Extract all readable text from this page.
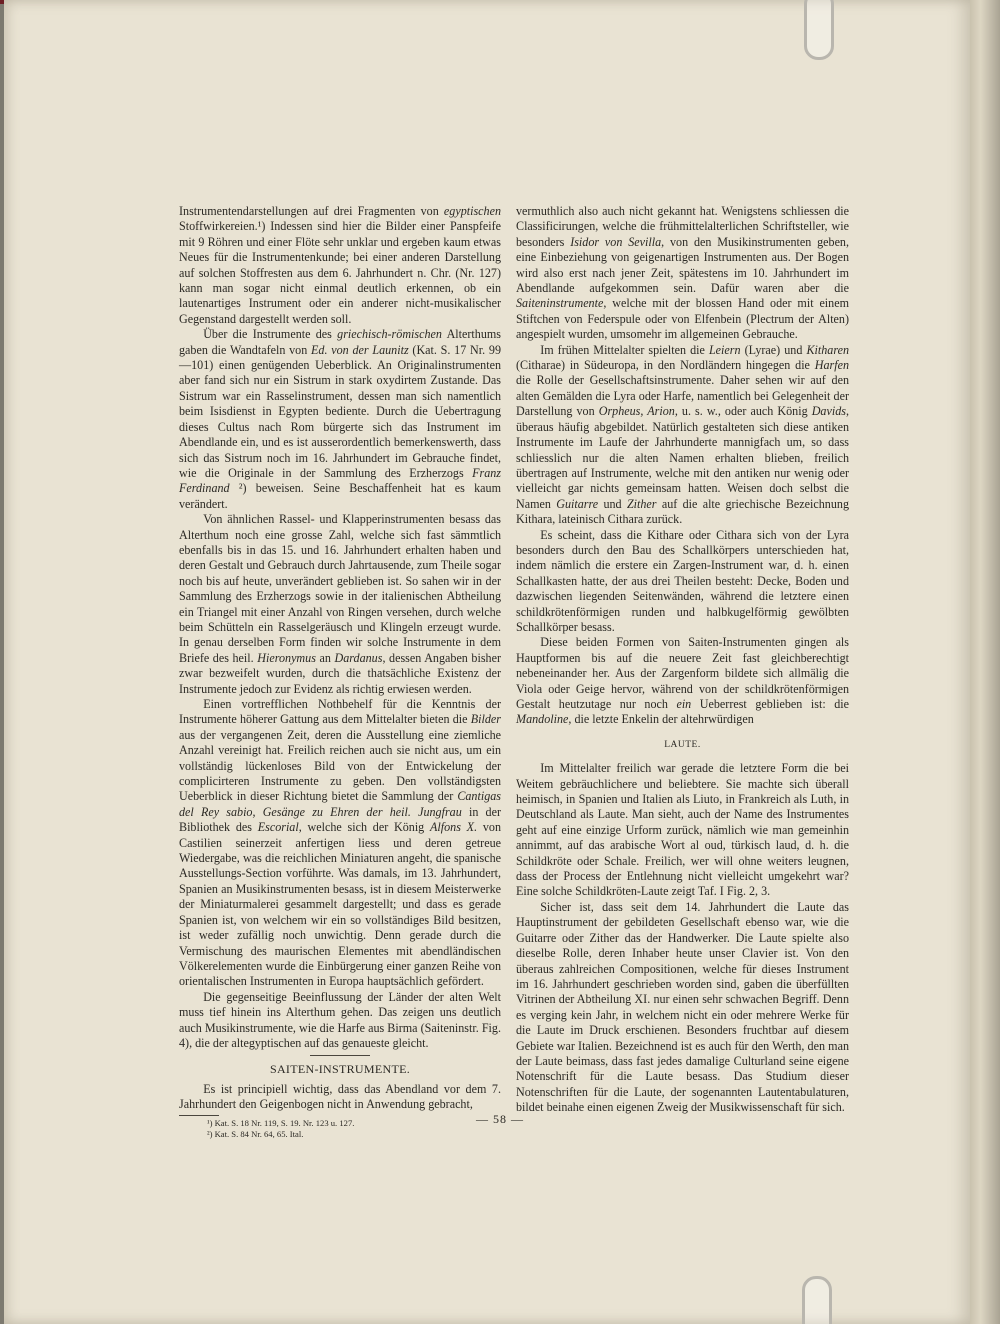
Instrumentendarstellungen auf drei Fragmenten von egyptischen Stoffwirkereien.¹) Indessen sind hier die Bilder einer Panspfeife mit 9 Röhren und einer Flöte sehr unklar und ergeben kaum etwas Neues für die Instrumentenkunde; bei einer anderen Darstellung auf solchen Stoffresten aus dem 6. Jahrhundert n. Chr. (Nr. 127) kann man sogar nicht einmal deutlich erkennen, ob ein lautenartiges Instrument oder ein anderer nicht-musikalischer Gegenstand dargestellt werden soll.

Über die Instrumente des griechisch-römischen Alterthums gaben die Wandtafeln von Ed. von der Launitz (Kat. S. 17 Nr. 99—101) einen genügenden Ueberblick. An Originalinstrumenten aber fand sich nur ein Sistrum in stark oxydirtem Zustande. Das Sistrum war ein Rasselinstrument, dessen man sich namentlich beim Isisdienst in Egypten bediente. Durch die Uebertragung dieses Cultus nach Rom bürgerte sich das Instrument im Abendlande ein, und es ist ausserordentlich bemerkenswerth, dass sich das Sistrum noch im 16. Jahrhundert im Gebrauche findet, wie die Originale in der Sammlung des Erzherzogs Franz Ferdinand ²) beweisen. Seine Beschaffenheit hat es kaum verändert.

Von ähnlichen Rassel- und Klapperinstrumenten besass das Alterthum noch eine grosse Zahl, welche sich fast sämmtlich ebenfalls bis in das 15. und 16. Jahrhundert erhalten haben und deren Gestalt und Gebrauch durch Jahrtausende, zum Theile sogar noch bis auf heute, unverändert geblieben ist. So sahen wir in der Sammlung des Erzherzogs sowie in der italienischen Abtheilung ein Triangel mit einer Anzahl von Ringen versehen, durch welche beim Schütteln ein Rasselgeräusch und Klingeln erzeugt wurde. In genau derselben Form finden wir solche Instrumente in dem Briefe des heil. Hieronymus an Dardanus, dessen Angaben bisher zwar bezweifelt wurden, durch die thatsächliche Existenz der Instrumente jedoch zur Evidenz als richtig erwiesen werden.

Einen vortrefflichen Nothbehelf für die Kenntnis der Instrumente höherer Gattung aus dem Mittelalter bieten die Bilder aus der vergangenen Zeit, deren die Ausstellung eine ziemliche Anzahl vereinigt hat. Freilich reichen auch sie nicht aus, um ein vollständig lückenloses Bild von der Entwickelung der complicirteren Instrumente zu geben. Den vollständigsten Ueberblick in dieser Richtung bietet die Sammlung der Cantigas del Rey sabio, Gesänge zu Ehren der heil. Jungfrau in der Bibliothek des Escorial, welche sich der König Alfons X. von Castilien seinerzeit anfertigen liess und deren getreue Wiedergabe, was die reichlichen Miniaturen angeht, die spanische Ausstellungs-Section vorführte. Was damals, im 13. Jahrhundert, Spanien an Musikinstrumenten besass, ist in diesem Meisterwerke der Miniaturmalerei gesammelt dargestellt; und dass es gerade Spanien ist, von welchem wir ein so vollständiges Bild besitzen, ist weder zufällig noch unwichtig. Denn gerade durch die Vermischung des maurischen Elementes mit abendländischen Völkerelementen wurde die Einbürgerung einer ganzen Reihe von orientalischen Instrumenten in Europa hauptsächlich gefördert.

Die gegenseitige Beeinflussung der Länder der alten Welt muss tief hinein ins Alterthum gehen. Das zeigen uns deutlich auch Musikinstrumente, wie die Harfe aus Birma (Saiteninstr. Fig. 4), die der altegyptischen auf das genaueste gleicht.

SAITEN-INSTRUMENTE.

Es ist principiell wichtig, dass das Abendland vor dem 7. Jahrhundert den Geigenbogen nicht in Anwendung gebracht,

¹) Kat. S. 18 Nr. 119, S. 19. Nr. 123 u. 127.
²) Kat. S. 84 Nr. 64, 65. Ital.

vermuthlich also auch nicht gekannt hat. Wenigstens schliessen die Classificirungen, welche die frühmittelalterlichen Schriftsteller, wie besonders Isidor von Sevilla, von den Musikinstrumenten geben, eine Einbeziehung von geigenartigen Instrumenten aus. Der Bogen wird also erst nach jener Zeit, spätestens im 10. Jahrhundert im Abendlande aufgekommen sein. Dafür waren aber die Saiteninstrumente, welche mit der blossen Hand oder mit einem Stiftchen von Federspule oder von Elfenbein (Plectrum der Alten) angespielt wurden, umsomehr im allgemeinen Gebrauche.

Im frühen Mittelalter spielten die Leiern (Lyrae) und Kitharen (Citharae) in Südeuropa, in den Nordländern hingegen die Harfen die Rolle der Gesellschaftsinstrumente. Daher sehen wir auf den alten Gemälden die Lyra oder Harfe, namentlich bei Gelegenheit der Darstellung von Orpheus, Arion, u. s. w., oder auch König Davids, überaus häufig abgebildet. Natürlich gestalteten sich diese antiken Instrumente im Laufe der Jahrhunderte mannigfach um, so dass schliesslich nur die alten Namen erhalten blieben, freilich übertragen auf Instrumente, welche mit den antiken nur wenig oder vielleicht gar nichts gemeinsam hatten. Weisen doch selbst die Namen Guitarre und Zither auf die alte griechische Bezeichnung Kithara, lateinisch Cithara zurück.

Es scheint, dass die Kithare oder Cithara sich von der Lyra besonders durch den Bau des Schallkörpers unterschieden hat, indem nämlich die erstere ein Zargen-Instrument war, d. h. einen Schallkasten hatte, der aus drei Theilen besteht: Decke, Boden und dazwischen liegenden Seitenwänden, während die letztere einen schildkrötenförmigen runden und halbkugelförmig gewölbten Schallkörper besass.

Diese beiden Formen von Saiten-Instrumenten gingen als Hauptformen bis auf die neuere Zeit fast gleichberechtigt nebeneinander her. Aus der Zargenform bildete sich allmälig die Viola oder Geige hervor, während von der schildkrötenförmigen Gestalt heutzutage nur noch ein Ueberrest geblieben ist: die Mandoline, die letzte Enkelin der altehrwürdigen

LAUTE.

Im Mittelalter freilich war gerade die letztere Form die bei Weitem gebräuchlichere und beliebtere. Sie machte sich überall heimisch, in Spanien und Italien als Liuto, in Frankreich als Luth, in Deutschland als Laute. Man sieht, auch der Name des Instrumentes geht auf eine einzige Urform zurück, nämlich wie man gemeinhin annimmt, auf das arabische Wort al oud, türkisch laud, d. h. die Schildkröte oder Schale. Freilich, wer will ohne weiters leugnen, dass der Process der Entlehnung nicht vielleicht umgekehrt war? Eine solche Schildkröten-Laute zeigt Taf. I Fig. 2, 3.

Sicher ist, dass seit dem 14. Jahrhundert die Laute das Hauptinstrument der gebildeten Gesellschaft ebenso war, wie die Guitarre oder Zither das der Handwerker. Die Laute spielte also dieselbe Rolle, deren Inhaber heute unser Clavier ist. Von den überaus zahlreichen Compositionen, welche für dieses Instrument im 16. Jahrhundert geschrieben worden sind, gaben die überfüllten Vitrinen der Abtheilung XI. nur einen sehr schwachen Begriff. Denn es verging kein Jahr, in welchem nicht ein oder mehrere Werke für die Laute im Druck erschienen. Besonders fruchtbar auf diesem Gebiete war Italien. Bezeichnend ist es auch für den Werth, den man der Laute beimass, dass fast jedes damalige Culturland seine eigene Notenschrift für die Laute besass. Das Studium dieser Notenschriften für die Laute, der sogenannten Lautentabulaturen, bildet beinahe einen eigenen Zweig der Musikwissenschaft für sich.

— 58 —
